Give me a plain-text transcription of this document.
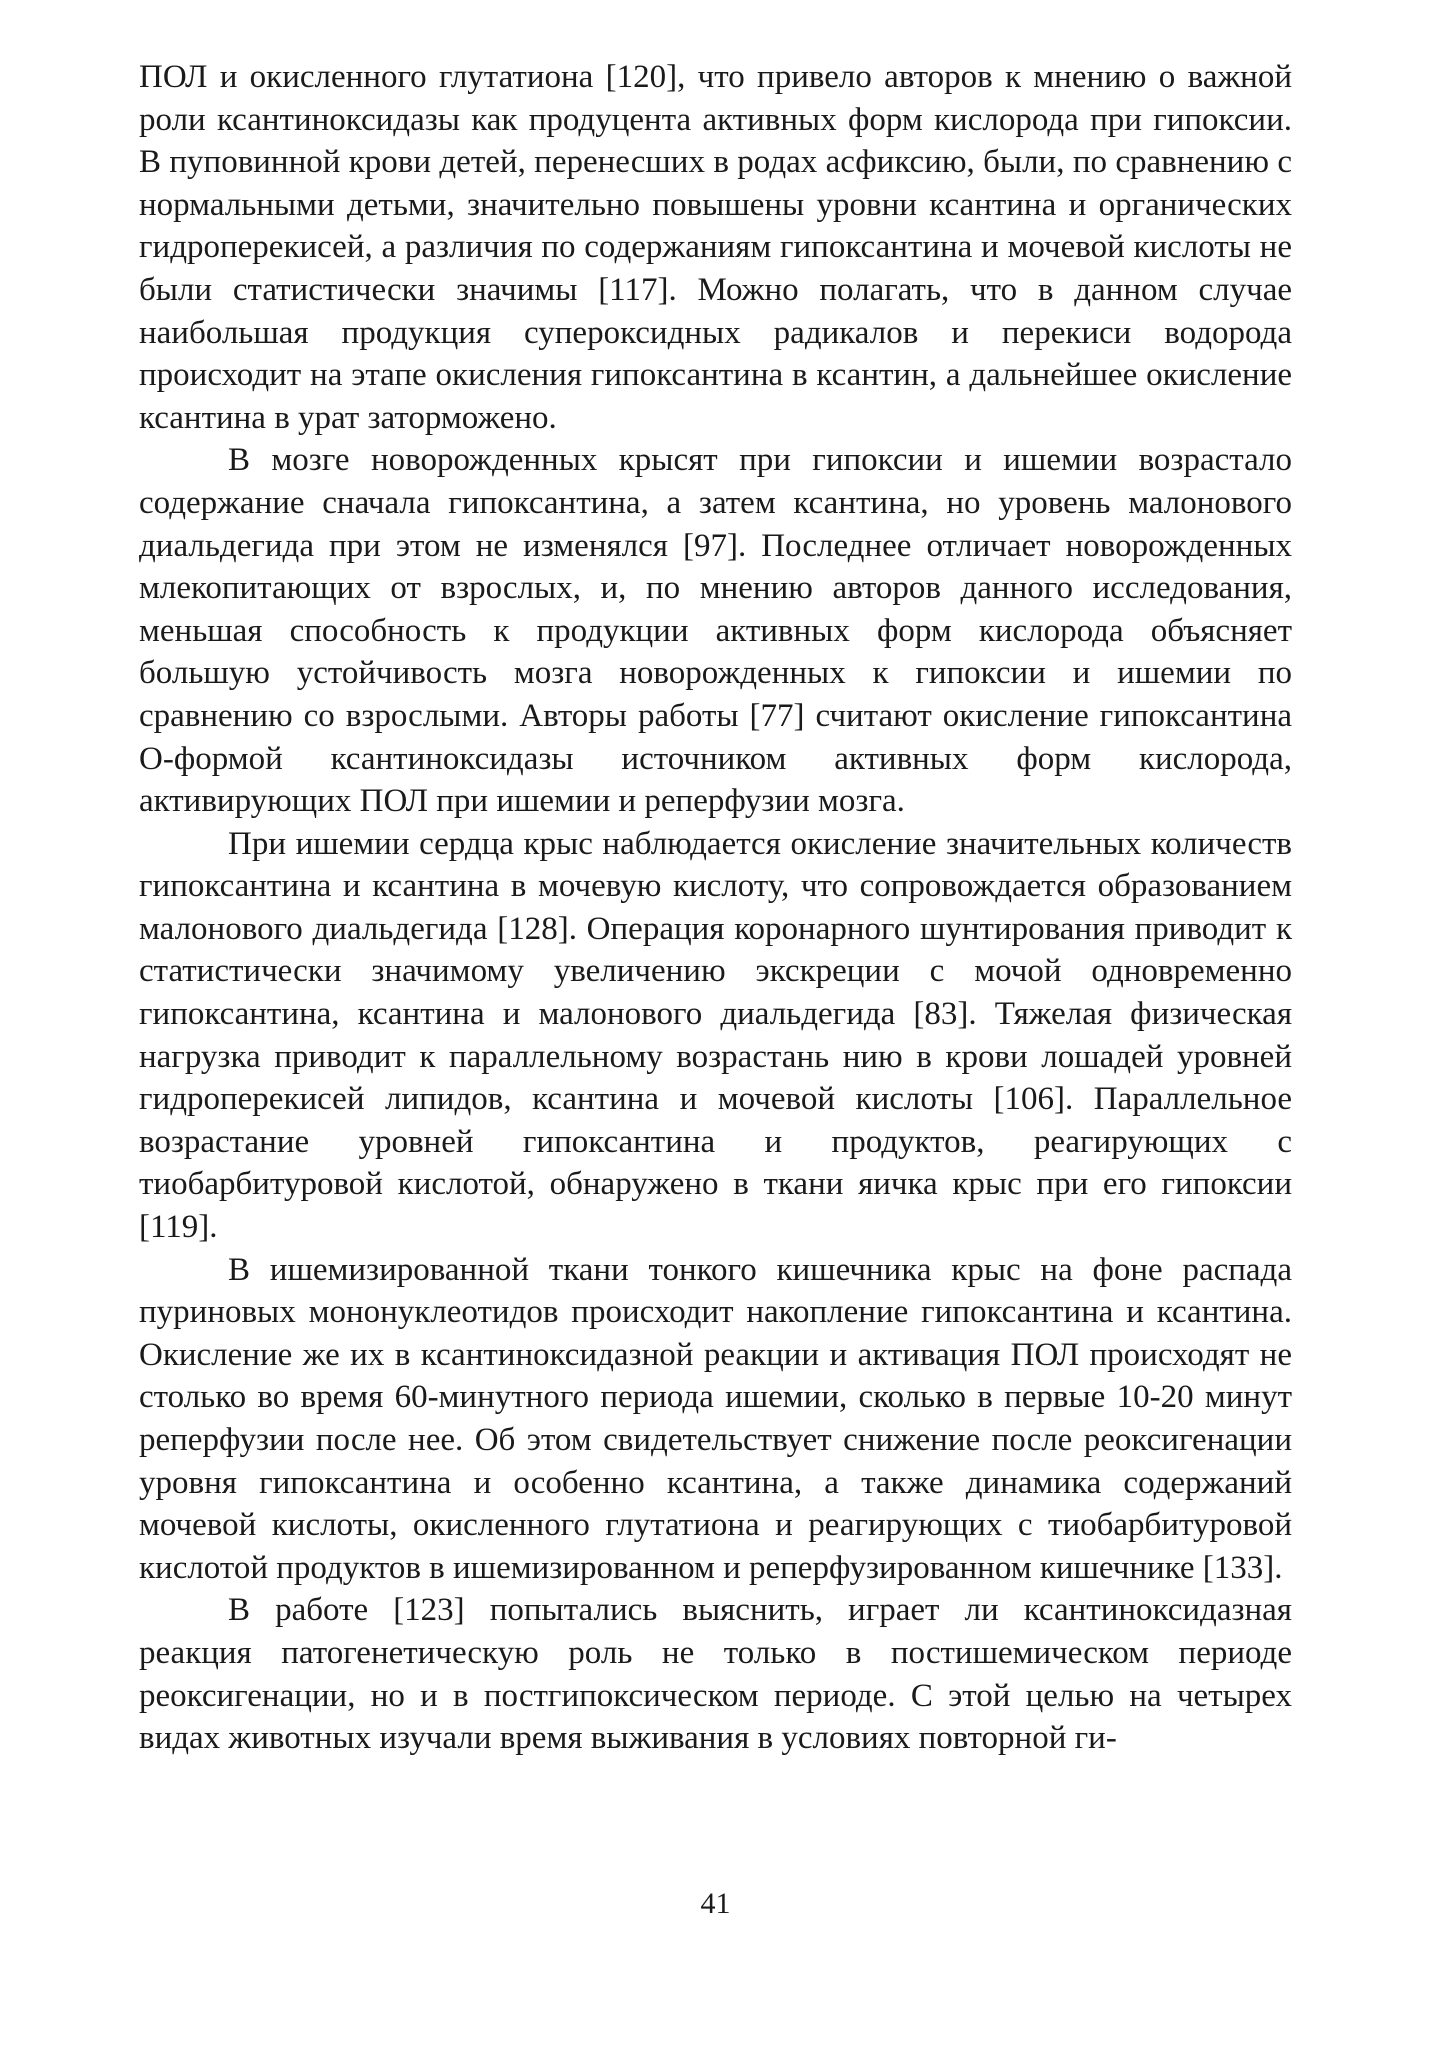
ПОЛ и окисленного глутатиона [120], что привело авторов к мнению о важной роли ксантиноксидазы как продуцента активных форм кислорода при гипоксии. В пуповинной крови детей, перенесших в родах асфиксию, были, по сравнению с нормальными детьми, значительно повышены уровни ксантина и органических гидроперекисей, а различия по содержаниям гипоксантина и мочевой кислоты не были статистически значимы [117]. Можно полагать, что в данном случае наибольшая продукция супероксидных радикалов и перекиси водорода происходит на этапе окисления гипоксантина в ксантин, а дальнейшее окисление ксантина в урат заторможено.

В мозге новорожденных крысят при гипоксии и ишемии возрастало содержание сначала гипоксантина, а затем ксантина, но уровень малонового диальдегида при этом не изменялся [97]. Последнее отличает новорожденных млекопитающих от взрослых, и, по мнению авторов данного исследования, меньшая способность к продукции активных форм кислорода объясняет большую устойчивость мозга новорожденных к гипоксии и ишемии по сравнению со взрослыми. Авторы работы [77] считают окисление гипоксантина О-формой ксантиноксидазы источником активных форм кислорода, активирующих ПОЛ при ишемии и реперфузии мозга.

При ишемии сердца крыс наблюдается окисление значительных количеств гипоксантина и ксантина в мочевую кислоту, что сопровождается образованием малонового диальдегида [128]. Операция коронарного шунтирования приводит к статистически значимому увеличению экскреции с мочой одновременно гипоксантина, ксантина и малонового диальдегида [83]. Тяжелая физическая нагрузка приводит к параллельному возрастань нию в крови лошадей уровней гидроперекисей липидов, ксантина и мочевой кислоты [106]. Параллельное возрастание уровней гипоксантина и продуктов, реагирующих с тиобарбитуровой кислотой, обнаружено в ткани яичка крыс при его гипоксии [119].

В ишемизированной ткани тонкого кишечника крыс на фоне распада пуриновых мононуклеотидов происходит накопление гипоксантина и ксантина. Окисление же их в ксантиноксидазной реакции и активация ПОЛ происходят не столько во время 60-минутного периода ишемии, сколько в первые 10-20 минут реперфузии после нее. Об этом свидетельствует снижение после реоксигенации уровня гипоксантина и особенно ксантина, а также динамика содержаний мочевой кислоты, окисленного глутатиона и реагирующих с тиобарбитуровой кислотой продуктов в ишемизированном и реперфузированном кишечнике [133].

В работе [123] попытались выяснить, играет ли ксантиноксидазная реакция патогенетическую роль не только в постишемическом периоде реоксигенации, но и в постгипоксическом периоде. С этой целью на четырех видах животных изучали время выживания в условиях повторной ги-

41
